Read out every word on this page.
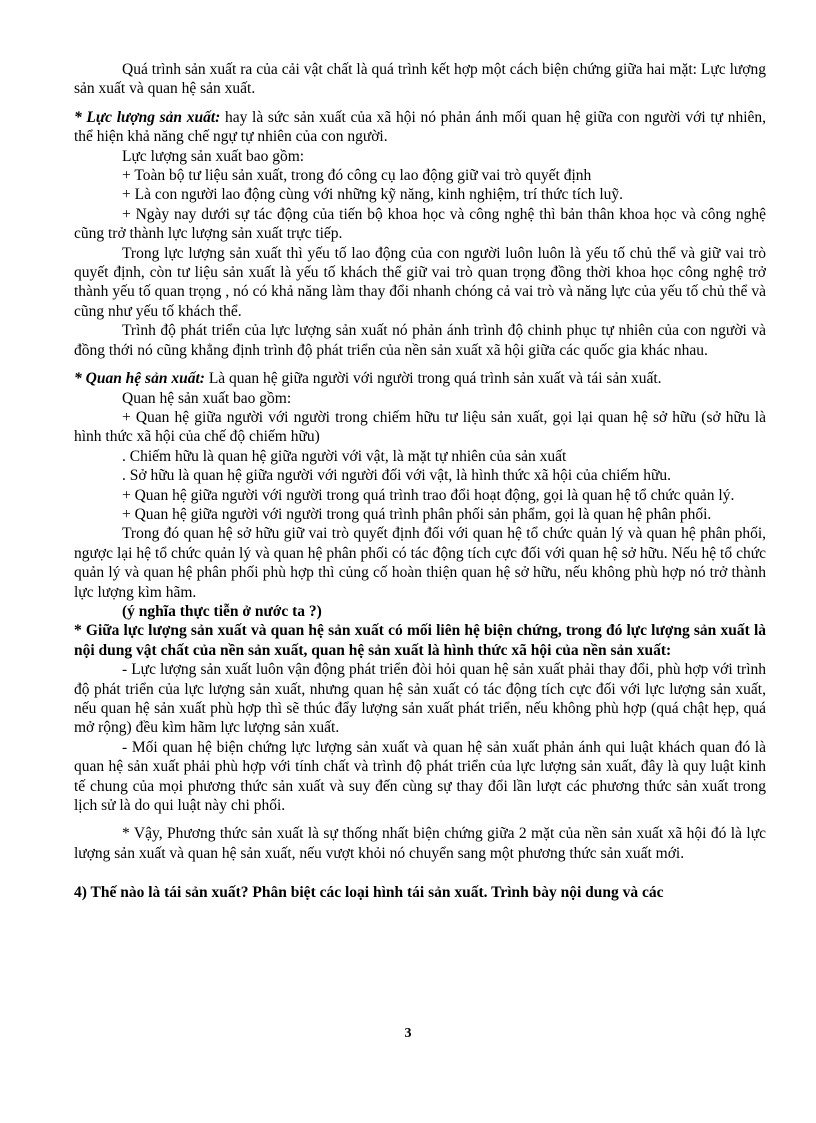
Quá trình sản xuất ra của cải vật chất là quá trình kết hợp một cách biện chứng giữa hai mặt: Lực lượng sản xuất và quan hệ sản xuất.

* Lực lượng sản xuất: hay là sức sản xuất của xã hội nó phản ánh mối quan hệ giữa con người với tự nhiên, thể hiện khả năng chế ngự tự nhiên của con người.

Lực lượng sản xuất bao gồm:

+ Toàn bộ tư liệu sản xuất, trong đó công cụ lao động giữ vai trò quyết định

+ Là con người lao động cùng với những kỹ năng, kinh nghiệm, trí thức tích luỹ.

+ Ngày nay dưới sự tác động của tiến bộ khoa học và công nghệ thì bản thân khoa học và công nghệ cũng trở thành lực lượng sản xuất trực tiếp.

Trong lực lượng sản xuất thì yếu tố lao động của con người luôn luôn là yếu tố chủ thể và giữ vai trò quyết định, còn tư liệu sản xuất là yếu tố khách thể giữ vai trò quan trọng đồng thời khoa học công nghệ trở thành yếu tố quan trọng , nó có khả năng làm thay đổi nhanh chóng cả vai trò và năng lực của yếu tố chủ thể và cũng như yếu tố khách thể.

Trình độ phát triển của lực lượng sản xuất nó phản ánh trình độ chinh phục tự nhiên của con người và đồng thới nó cũng khẳng định trình độ phát triển của nền sản xuất xã hội giữa các quốc gia khác nhau.

* Quan hệ sản xuất: Là quan hệ giữa người với người trong quá trình sản xuất và tái sản xuất.

Quan hệ sản xuất bao gồm:

+ Quan hệ giữa người với người trong chiếm hữu tư liệu sản xuất, gọi lại quan hệ sở hữu (sở hữu là hình thức xã hội của chế độ chiếm hữu)

. Chiếm hữu là quan hệ giữa người với vật, là mặt tự nhiên của sản xuất

. Sở hữu là quan hệ giữa người với người đối với vật, là hình thức xã hội của chiếm hữu.

+ Quan hệ giữa người với người trong quá trình trao đổi hoạt động, gọi là quan hệ tổ chức quản lý.

+ Quan hệ giữa người với người trong quá trình phân phối sản phẩm, gọi là quan hệ phân phối.

Trong đó quan hệ sở hữu giữ vai trò quyết định đối với quan hệ tổ chức quản lý và quan hệ phân phối, ngược lại hệ tổ chức quản lý và quan hệ phân phối có tác động tích cực đối với quan hệ sở hữu. Nếu hệ tổ chức quản lý và quan hệ phân phối phù hợp thì củng cố hoàn thiện quan hệ sở hữu, nếu không phù hợp nó trở thành lực lượng kìm hãm.

(ý nghĩa thực tiễn ở nước ta ?)

* Giữa lực lượng sản xuất và quan hệ sản xuất có mối liên hệ biện chứng, trong đó lực lượng sản xuất là nội dung vật chất của nền sản xuất, quan hệ sản xuất là hình thức xã hội của nền sản xuất:

- Lực lượng sản xuất luôn vận động phát triển đòi hỏi quan hệ sản xuất phải thay đổi, phù hợp với trình độ phát triển của lực lượng sản xuất, nhưng quan hệ sản xuất có tác động tích cực đối với lực lượng sản xuất, nếu quan hệ sản xuất phù hợp thì sẽ thúc đẩy lượng sản xuất phát triển, nếu không phù hợp (quá chật hẹp, quá mở rộng) đều kìm hãm lực lượng sản xuất.

- Mối quan hệ biện chứng lực lượng sản xuất và quan hệ sản xuất phản ánh qui luật khách quan đó là quan hệ sản xuất phải phù hợp với tính chất và trình độ phát triển của lực lượng sản xuất, đây là quy luật kinh tế chung của mọi phương thức sản xuất và suy đến cùng sự thay đổi lần lượt các phương thức sản xuất trong lịch sử là do qui luật này chi phối.

* Vậy, Phương thức sản xuất là sự thống nhất biện chứng giữa 2 mặt của nền sản xuất xã hội đó là lực lượng sản xuất và quan hệ sản xuất, nếu vượt khỏi nó chuyển sang một phương thức sản xuất mới.

4) Thế nào là tái sản xuất? Phân biệt các loại hình tái sản xuất. Trình bày nội dung và các

3
